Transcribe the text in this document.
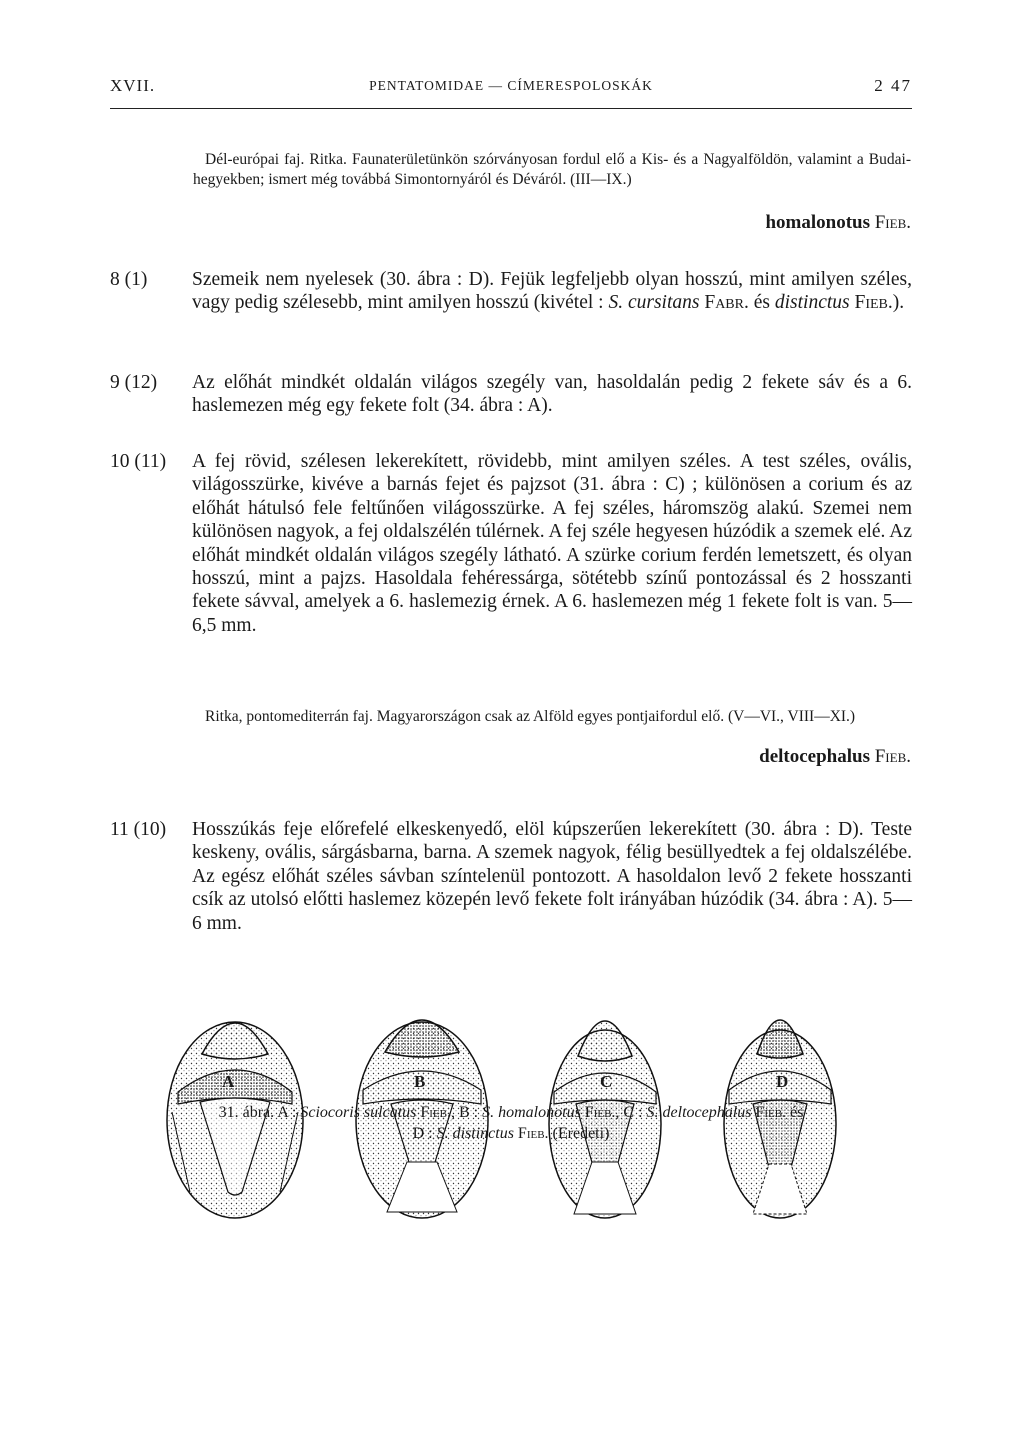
XVII.	PENTATOMIDAE — CÍMERESPOLOSKÁK	2 47

Dél-európai faj. Ritka. Faunaterületünkön szórványosan fordul elő a Kis- és a Nagyalföldön, valamint a Budai-hegyekben; ismert még továbbá Simontornyáról és Déváról. (III—IX.)

homalonotus Fieb.
8 (1)	Szemeik nem nyelesek (30. ábra : D). Fejük legfeljebb olyan hosszú, mint amilyen széles, vagy pedig szélesebb, mint amilyen hosszú (kivétel : S. cursitans Fabr. és distinctus Fieb.).
9 (12)	Az előhát mindkét oldalán világos szegély van, hasoldalán pedig 2 fekete sáv és a 6. haslemezen még egy fekete folt (34. ábra : A).
10 (11)	A fej rövid, szélesen lekerekített, rövidebb, mint amilyen széles. A test széles, ovális, világosszürke, kivéve a barnás fejet és pajzsot (31. ábra : C) ; különösen a corium és az előhát hátulsó fele feltűnően világosszürke. A fej széles, háromszög alakú. Szemei nem különösen nagyok, a fej oldalszélén túlérnek. A fej széle hegyesen húzódik a szemek elé. Az előhát mindkét oldalán világos szegély látható. A szürke corium ferdén lemetszett, és olyan hosszú, mint a pajzs. Hasoldala fehéressárga, sötétebb színű pontozással és 2 hosszanti fekete sávval, amelyek a 6. haslemezig érnek. A 6. haslemezen még 1 fekete folt is van. 5—6,5 mm.

Ritka, pontomediterrán faj. Magyarországon csak az Alföld egyes pontjaifordul elő. (V—VI., VIII—XI.)

deltocephalus Fieb.
11 (10)	Hosszúkás feje előrefelé elkeskenyedő, elöl kúpszerűen lekerekített (30. ábra : D). Teste keskeny, ovális, sárgásbarna, barna. A szemek nagyok, félig besüllyedtek a fej oldalszélébe. Az egész előhát széles sávban színtelenül pontozott. A hasoldalon levő 2 fekete hosszanti csík az utolsó előtti haslemez közepén levő fekete folt irányában húzódik (34. ábra : A). 5—6 mm.
A	B	C	D
31. ábra. A : Sciocoris sulcatus Fieb., B : S. homalonotus Fieb., C : S. deltocephalus Fieb. és
D : S. distinctus Fieb. (Eredeti)
